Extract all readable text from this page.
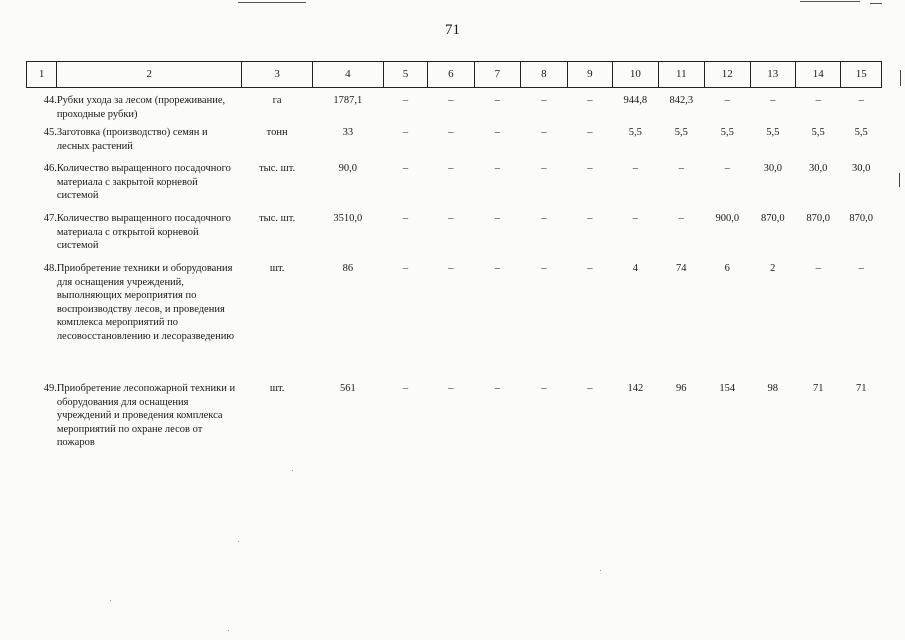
71
1	2	3	4	5	6	7	8	9	10	11	12	13	14	15
44.	Рубки ухода за лесом (прореживание, проходные рубки)	га	1787,1	–	–	–	–	–	944,8	842,3	–	–	–	–
45.	Заготовка (производство) семян и лесных растений	тонн	33	–	–	–	–	–	5,5	5,5	5,5	5,5	5,5	5,5
46.	Количество выращенного посадочного материала с закрытой корневой системой	тыс. шт.	90,0	–	–	–	–	–	–	–	–	30,0	30,0	30,0
47.	Количество выращенного посадочного материала с открытой корневой системой	тыс. шт.	3510,0	–	–	–	–	–	–	–	900,0	870,0	870,0	870,0
48.	Приобретение техники и оборудования для оснащения учреждений, выполняющих мероприятия по воспроизводству лесов, и проведения комплекса мероприятий по лесовосстановлению и лесоразведению	шт.	86	–	–	–	–	–	4	74	6	2	–	–
49.	Приобретение лесопожарной техники и оборудования для оснащения учреждений и проведения комплекса мероприятий по охране лесов от пожаров	шт.	561	–	–	–	–	–	142	96	154	98	71	71
